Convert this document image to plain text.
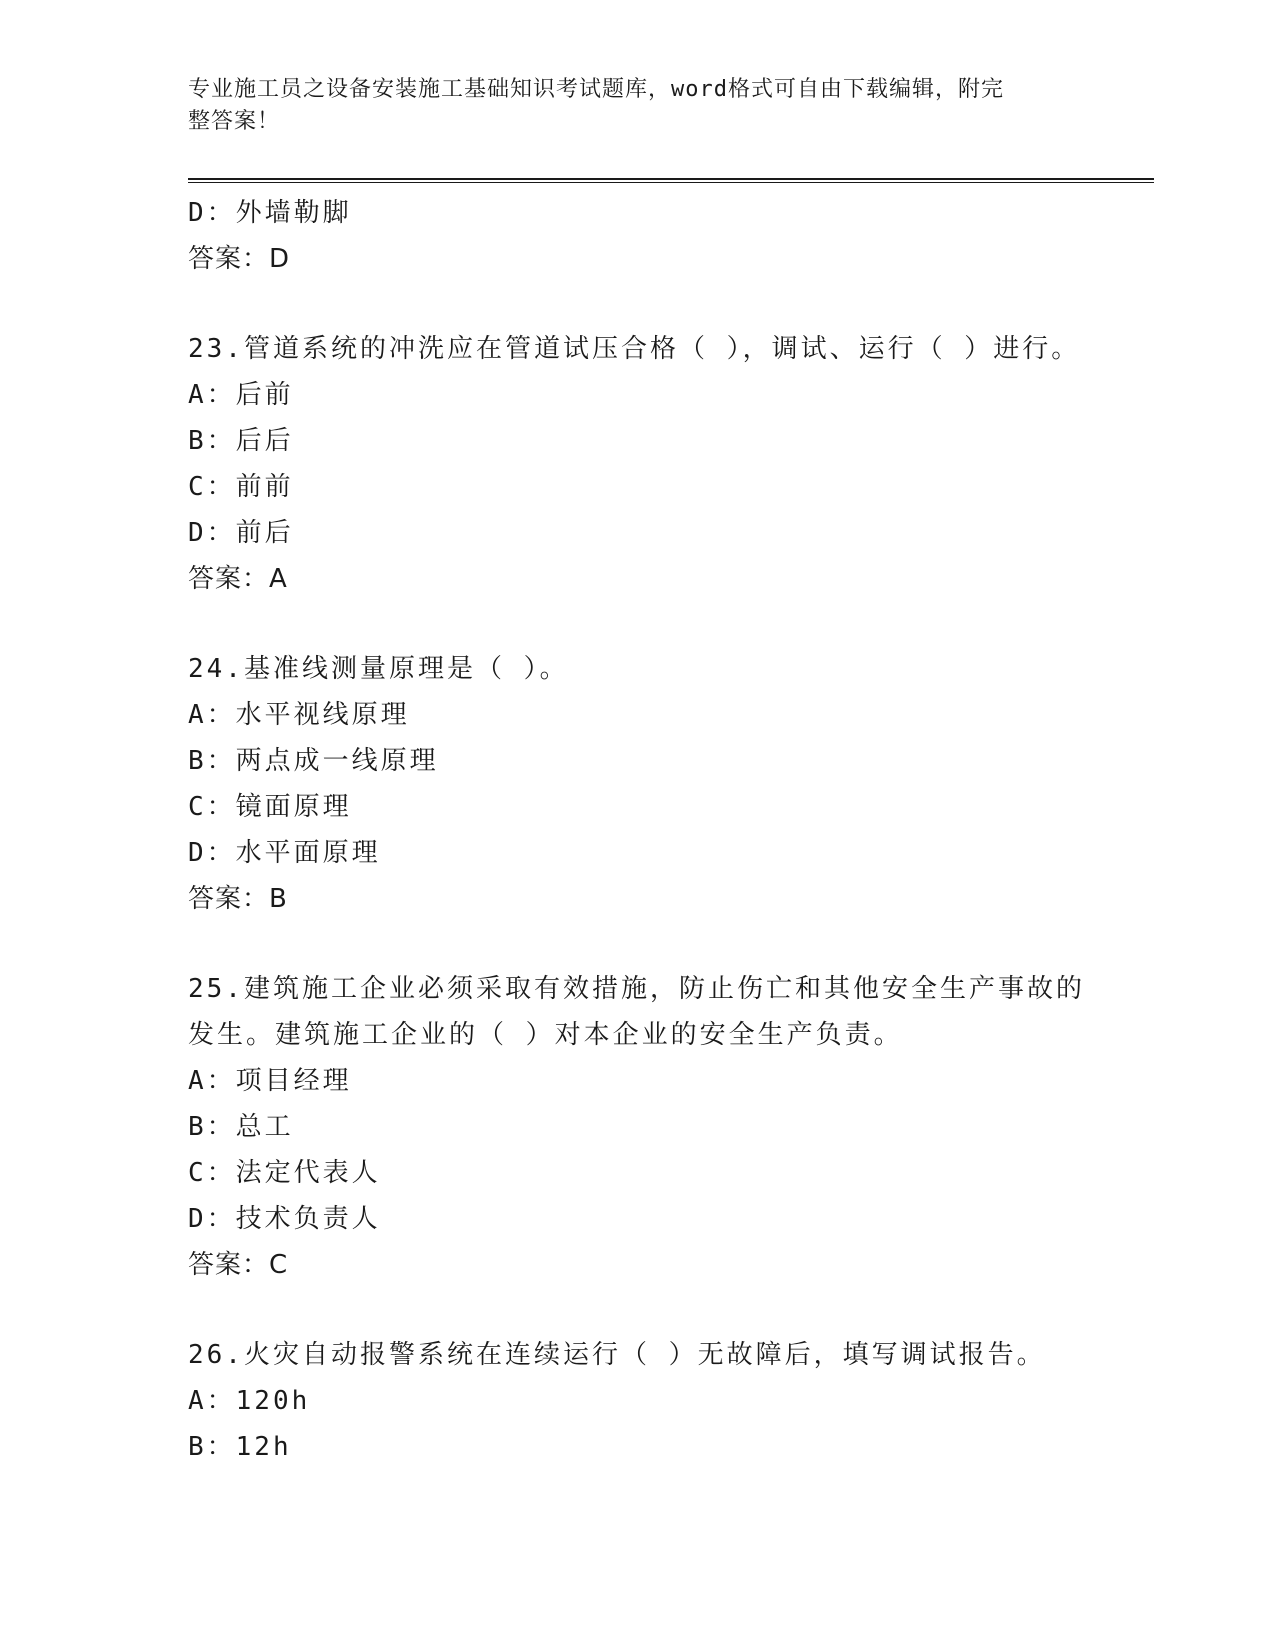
专业施工员之设备安装施工基础知识考试题库，word格式可自由下载编辑，附完
整答案！
D：外墙勒脚
答案：D
23.管道系统的冲洗应在管道试压合格（ ），调试、运行（ ）进行。
A：后前
B：后后
C：前前
D：前后
答案：A
24.基准线测量原理是（ ）。
A：水平视线原理
B：两点成一线原理
C：镜面原理
D：水平面原理
答案：B
25.建筑施工企业必须采取有效措施，防止伤亡和其他安全生产事故的
发生。建筑施工企业的（ ）对本企业的安全生产负责。
A：项目经理
B：总工
C：法定代表人
D：技术负责人
答案：C
26.火灾自动报警系统在连续运行（ ）无故障后，填写调试报告。
A：120h
B：12h
